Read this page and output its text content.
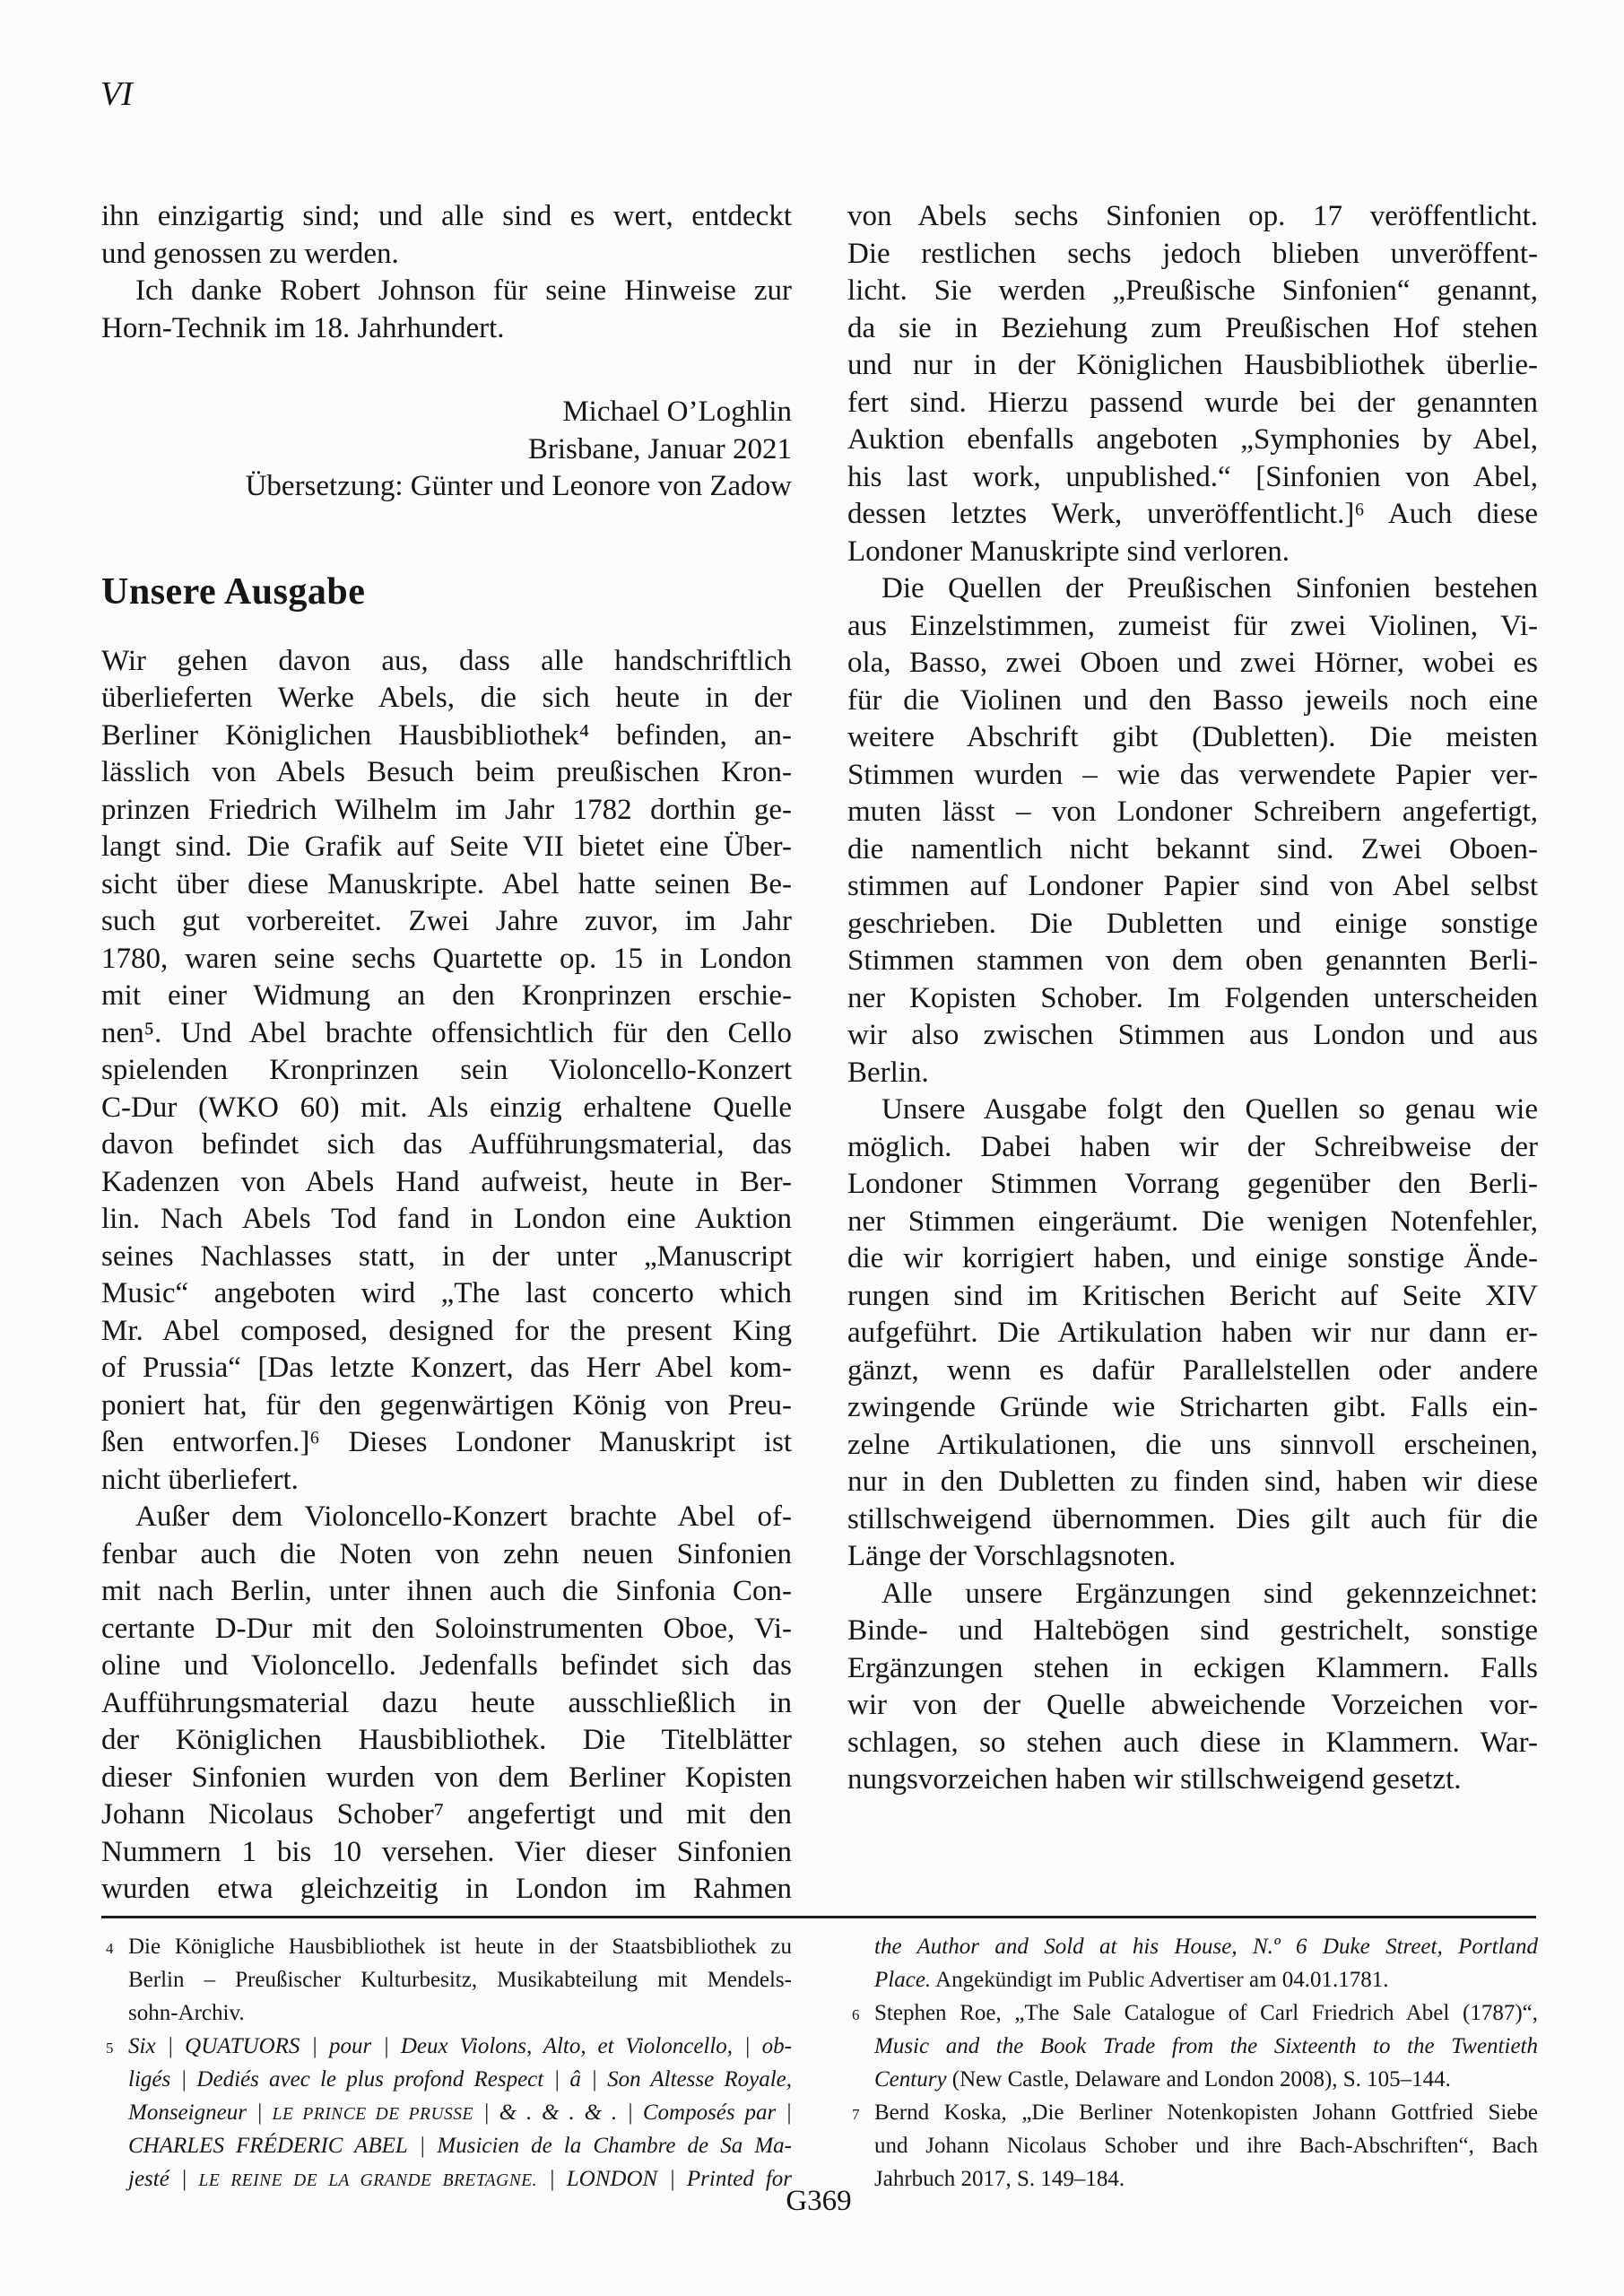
VI
ihn einzigartig sind; und alle sind es wert, entdeckt
und genossen zu werden.
Ich danke Robert Johnson für seine Hinweise zur
Horn-Technik im 18. Jahrhundert.
Michael O’Loghlin
Brisbane, Januar 2021
Übersetzung: Günter und Leonore von Zadow
Unsere Ausgabe
Wir gehen davon aus, dass alle handschriftlich
überlieferten Werke Abels, die sich heute in der
Berliner Königlichen Hausbibliothek⁴ befinden, an-
lässlich von Abels Besuch beim preußischen Kron-
prinzen Friedrich Wilhelm im Jahr 1782 dorthin ge-
langt sind. Die Grafik auf Seite VII bietet eine Über-
sicht über diese Manuskripte. Abel hatte seinen Be-
such gut vorbereitet. Zwei Jahre zuvor, im Jahr
1780, waren seine sechs Quartette op. 15 in London
mit einer Widmung an den Kronprinzen erschie-
nen⁵. Und Abel brachte offensichtlich für den Cello
spielenden Kronprinzen sein Violoncello-Konzert
C-Dur (WKO 60) mit. Als einzig erhaltene Quelle
davon befindet sich das Aufführungsmaterial, das
Kadenzen von Abels Hand aufweist, heute in Ber-
lin. Nach Abels Tod fand in London eine Auktion
seines Nachlasses statt, in der unter „Manuscript
Music“ angeboten wird „The last concerto which
Mr. Abel composed, designed for the present King
of Prussia“ [Das letzte Konzert, das Herr Abel kom-
poniert hat, für den gegenwärtigen König von Preu-
ßen entworfen.]⁶ Dieses Londoner Manuskript ist
nicht überliefert.
Außer dem Violoncello-Konzert brachte Abel of-
fenbar auch die Noten von zehn neuen Sinfonien
mit nach Berlin, unter ihnen auch die Sinfonia Con-
certante D-Dur mit den Soloinstrumenten Oboe, Vi-
oline und Violoncello. Jedenfalls befindet sich das
Aufführungsmaterial dazu heute ausschließlich in
der Königlichen Hausbibliothek. Die Titelblätter
dieser Sinfonien wurden von dem Berliner Kopisten
Johann Nicolaus Schober⁷ angefertigt und mit den
Nummern 1 bis 10 versehen. Vier dieser Sinfonien
wurden etwa gleichzeitig in London im Rahmen
von Abels sechs Sinfonien op. 17 veröffentlicht.
Die restlichen sechs jedoch blieben unveröffent-
licht. Sie werden „Preußische Sinfonien“ genannt,
da sie in Beziehung zum Preußischen Hof stehen
und nur in der Königlichen Hausbibliothek überlie-
fert sind. Hierzu passend wurde bei der genannten
Auktion ebenfalls angeboten „Symphonies by Abel,
his last work, unpublished.“ [Sinfonien von Abel,
dessen letztes Werk, unveröffentlicht.]⁶ Auch diese
Londoner Manuskripte sind verloren.
Die Quellen der Preußischen Sinfonien bestehen
aus Einzelstimmen, zumeist für zwei Violinen, Vi-
ola, Basso, zwei Oboen und zwei Hörner, wobei es
für die Violinen und den Basso jeweils noch eine
weitere Abschrift gibt (Dubletten). Die meisten
Stimmen wurden – wie das verwendete Papier ver-
muten lässt – von Londoner Schreibern angefertigt,
die namentlich nicht bekannt sind. Zwei Oboen-
stimmen auf Londoner Papier sind von Abel selbst
geschrieben. Die Dubletten und einige sonstige
Stimmen stammen von dem oben genannten Berli-
ner Kopisten Schober. Im Folgenden unterscheiden
wir also zwischen Stimmen aus London und aus
Berlin.
Unsere Ausgabe folgt den Quellen so genau wie
möglich. Dabei haben wir der Schreibweise der
Londoner Stimmen Vorrang gegenüber den Berli-
ner Stimmen eingeräumt. Die wenigen Notenfehler,
die wir korrigiert haben, und einige sonstige Ände-
rungen sind im Kritischen Bericht auf Seite XIV
aufgeführt. Die Artikulation haben wir nur dann er-
gänzt, wenn es dafür Parallelstellen oder andere
zwingende Gründe wie Stricharten gibt. Falls ein-
zelne Artikulationen, die uns sinnvoll erscheinen,
nur in den Dubletten zu finden sind, haben wir diese
stillschweigend übernommen. Dies gilt auch für die
Länge der Vorschlagsnoten.
Alle unsere Ergänzungen sind gekennzeichnet:
Binde- und Haltebögen sind gestrichelt, sonstige
Ergänzungen stehen in eckigen Klammern. Falls
wir von der Quelle abweichende Vorzeichen vor-
schlagen, so stehen auch diese in Klammern. War-
nungsvorzeichen haben wir stillschweigend gesetzt.
4 Die Königliche Hausbibliothek ist heute in der Staatsbibliothek zu
Berlin – Preußischer Kulturbesitz, Musikabteilung mit Mendels-
sohn-Archiv.
5 Six | QUATUORS | pour | Deux Violons, Alto, et Violoncello, | ob-
ligés | Dediés avec le plus profond Respect | â | Son Altesse Royale,
Monseigneur | LE PRINCE DE PRUSSE | & . & . & . | Composés par |
CHARLES FRÉDERIC ABEL | Musicien de la Chambre de Sa Ma-
jesté | LE REINE DE LA GRANDE BRETAGNE. | LONDON | Printed for
the Author and Sold at his House, N.º 6 Duke Street, Portland
Place. Angekündigt im Public Advertiser am 04.01.1781.
6 Stephen Roe, „The Sale Catalogue of Carl Friedrich Abel (1787)“,
Music and the Book Trade from the Sixteenth to the Twentieth
Century (New Castle, Delaware and London 2008), S. 105–144.
7 Bernd Koska, „Die Berliner Notenkopisten Johann Gottfried Siebe
und Johann Nicolaus Schober und ihre Bach-Abschriften“, Bach
Jahrbuch 2017, S. 149–184.
G369
